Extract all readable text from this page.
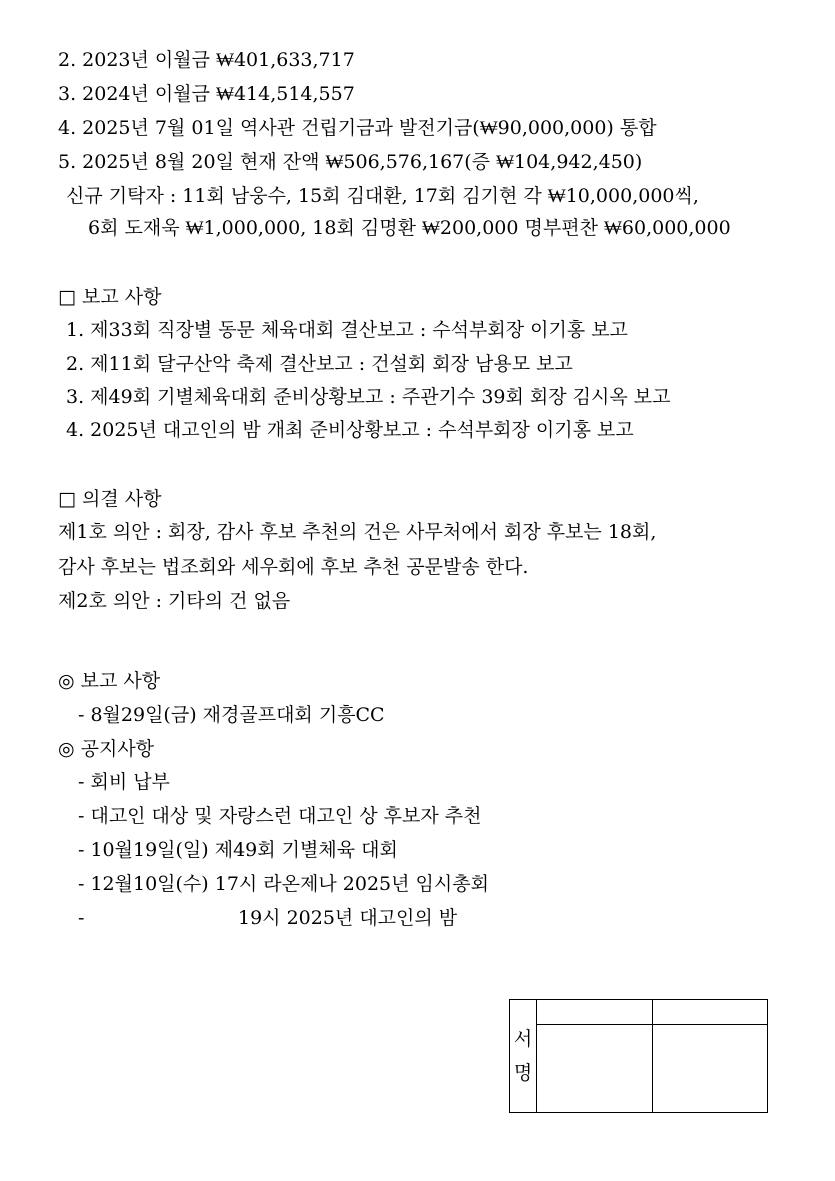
2. 2023년 이월금 ₩401,633,717
3. 2024년 이월금 ₩414,514,557
4. 2025년 7월 01일 역사관 건립기금과 발전기금(₩90,000,000) 통합
5. 2025년 8월 20일 현재 잔액 ₩506,576,167(증 ₩104,942,450)
신규 기탁자 : 11회 남웅수, 15회 김대환, 17회 김기현 각 ₩10,000,000씩,
6회 도재욱 ₩1,000,000, 18회 김명환 ₩200,000 명부편찬 ₩60,000,000
□ 보고 사항
1. 제33회 직장별 동문 체육대회 결산보고 : 수석부회장 이기홍 보고
2. 제11회 달구산악 축제 결산보고 : 건설회 회장 남용모 보고
3. 제49회 기별체육대회 준비상황보고 : 주관기수 39회 회장 김시옥 보고
4. 2025년 대고인의 밤 개최 준비상황보고 : 수석부회장 이기홍 보고
□ 의결 사항
제1호 의안 : 회장, 감사 후보 추천의 건은 사무처에서 회장 후보는 18회,
감사 후보는 법조회와 세우회에 후보 추천 공문발송 한다.
제2호 의안 : 기타의 건 없음
◎ 보고 사항
- 8월29일(금) 재경골프대회 기흥CC
◎ 공지사항
- 회비 납부
- 대고인 대상 및 자랑스런 대고인 상 후보자 추천
- 10월19일(일) 제49회 기별체육 대회
- 12월10일(수) 17시 라온제나 2025년 임시총회
-	19시 2025년 대고인의 밤
서
명		
